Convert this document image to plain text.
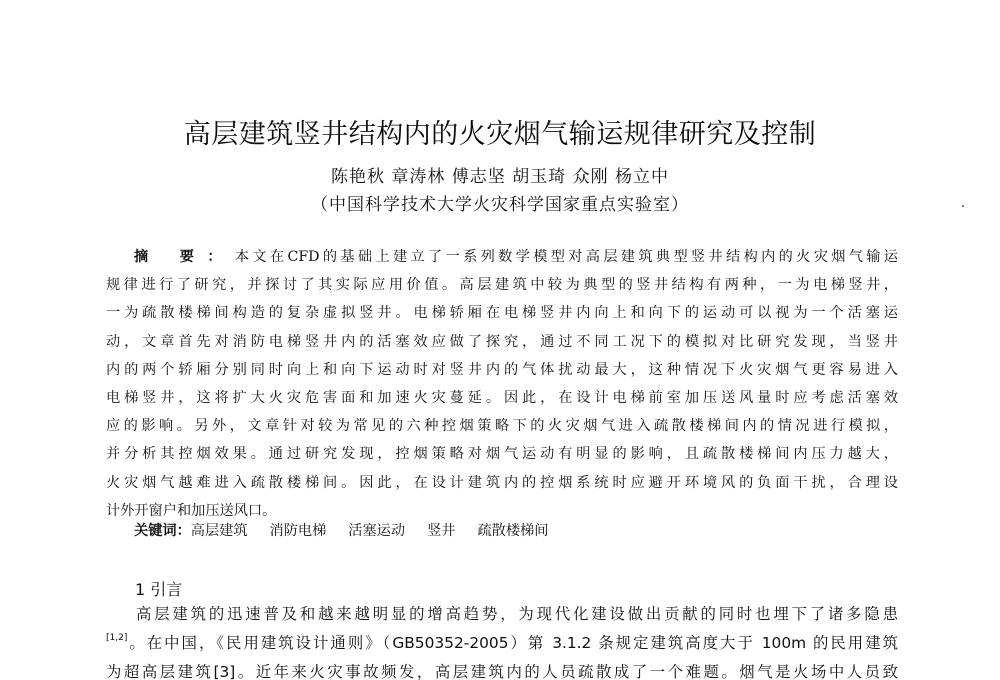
高层建筑竖井结构内的火灾烟气输运规律研究及控制
陈艳秋 章涛林 傅志坚 胡玉琦 众刚 杨立中
（中国科学技术大学火灾科学国家重点实验室）
摘 要：本文在CFD的基础上建立了一系列数学模型对高层建筑典型竖井结构内的火灾烟气输运
规律进行了研究，并探讨了其实际应用价值。高层建筑中较为典型的竖井结构有两种，一为电梯竖井，
一为疏散楼梯间构造的复杂虚拟竖井。电梯轿厢在电梯竖井内向上和向下的运动可以视为一个活塞运
动，文章首先对消防电梯竖井内的活塞效应做了探究，通过不同工况下的模拟对比研究发现，当竖井
内的两个轿厢分别同时向上和向下运动时对竖井内的气体扰动最大，这种情况下火灾烟气更容易进入
电梯竖井，这将扩大火灾危害面和加速火灾蔓延。因此，在设计电梯前室加压送风量时应考虑活塞效
应的影响。另外，文章针对较为常见的六种控烟策略下的火灾烟气进入疏散楼梯间内的情况进行模拟，
并分析其控烟效果。通过研究发现，控烟策略对烟气运动有明显的影响，且疏散楼梯间内压力越大，
火灾烟气越难进入疏散楼梯间。因此，在设计建筑内的控烟系统时应避开环境风的负面干扰，合理设
计外开窗户和加压送风口。
关键词：高层建筑 消防电梯 活塞运动 竖井 疏散楼梯间
1 引言
高层建筑的迅速普及和越来越明显的增高趋势，为现代化建设做出贡献的同时也埋下了诸多隐患
[1,2]。在中国，《民用建筑设计通则》（GB50352-2005）第 3.1.2 条规定建筑高度大于 100m 的民用建筑
为超高层建筑[3]。近年来火灾事故频发，高层建筑内的人员疏散成了一个难题。烟气是火场中人员致
